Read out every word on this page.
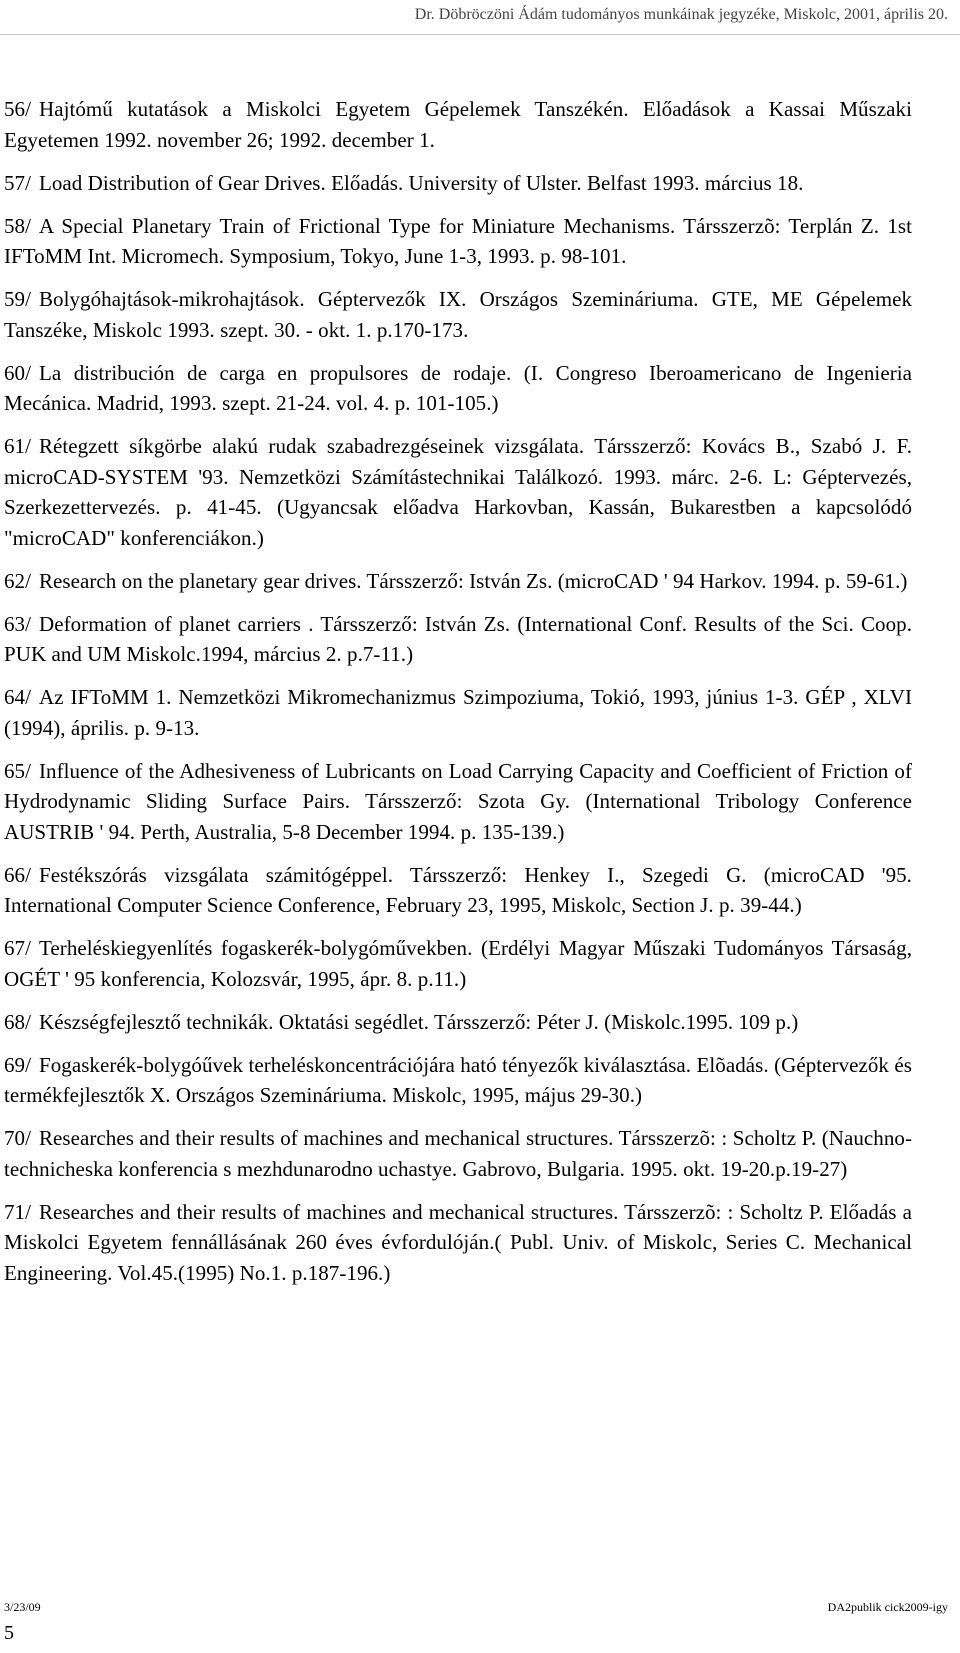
Dr. Döbröczöni Ádám tudományos munkáinak jegyzéke, Miskolc, 2001, április 20.

56/ Hajtómű kutatások a Miskolci Egyetem Gépelemek Tanszékén. Előadások a Kassai Műszaki Egyetemen 1992. november 26; 1992. december 1.

57/ Load Distribution of Gear Drives. Előadás. University of Ulster. Belfast 1993. március 18.

58/ A Special Planetary Train of Frictional Type for Miniature Mechanisms. Társszerzõ: Terplán Z. 1st IFToMM Int. Micromech. Symposium, Tokyo, June 1-3, 1993. p. 98-101.

59/ Bolygóhajtások-mikrohajtások. Géptervezők IX. Országos Szemináriuma. GTE, ME Gépelemek Tanszéke, Miskolc 1993. szept. 30. - okt. 1. p.170-173.

60/ La distribución de carga en propulsores de rodaje. (I. Congreso Iberoamericano de Ingenieria Mecánica. Madrid, 1993. szept. 21-24. vol. 4. p. 101-105.)

61/ Rétegzett síkgörbe alakú rudak szabadrezgéseinek vizsgálata. Társszerző: Kovács B., Szabó J. F. microCAD-SYSTEM '93. Nemzetközi Számítástechnikai Találkozó. 1993. márc. 2-6. L: Géptervezés, Szerkezettervezés. p. 41-45. (Ugyancsak előadva Harkovban, Kassán, Bukarestben a kapcsolódó "microCAD" konferenciákon.)

62/ Research on the planetary gear drives. Társszerző: István Zs. (microCAD ' 94 Harkov. 1994. p. 59-61.)

63/ Deformation of planet carriers . Társszerző: István Zs. (International Conf. Results of the Sci. Coop. PUK and UM Miskolc.1994, március 2. p.7-11.)

64/ Az IFToMM 1. Nemzetközi Mikromechanizmus Szimpoziuma, Tokió, 1993, június 1-3. GÉP , XLVI (1994), április. p. 9-13.

65/ Influence of the Adhesiveness of Lubricants on Load Carrying Capacity and Coefficient of Friction of Hydrodynamic Sliding Surface Pairs. Társszerző: Szota Gy. (International Tribology Conference AUSTRIB ' 94. Perth, Australia, 5-8 December 1994. p. 135-139.)

66/ Festékszórás vizsgálata számitógéppel. Társszerző: Henkey I., Szegedi G. (microCAD '95. International Computer Science Conference, February 23, 1995, Miskolc, Section J. p. 39-44.)

67/ Terheléskiegyenlítés fogaskerék-bolygóművekben. (Erdélyi Magyar Műszaki Tudományos Társaság, OGÉT ' 95 konferencia, Kolozsvár, 1995, ápr. 8. p.11.)

68/ Készségfejlesztő technikák. Oktatási segédlet. Társszerző: Péter J. (Miskolc.1995. 109 p.)

69/ Fogaskerék-bolygóűvek terheléskoncentrációjára ható tényezők kiválasztása. Elõadás. (Géptervezők és termékfejlesztők X. Országos Szemináriuma. Miskolc, 1995, május 29-30.)

70/ Researches and their results of machines and mechanical structures. Társszerzõ: : Scholtz P. (Nauchno-technicheska konferencia s mezhdunarodno uchastye. Gabrovo, Bulgaria. 1995. okt. 19-20.p.19-27)

71/ Researches and their results of machines and mechanical structures. Társszerzõ: : Scholtz P. Előadás a Miskolci Egyetem fennállásának 260 éves évfordulóján.( Publ. Univ. of Miskolc, Series C. Mechanical Engineering. Vol.45.(1995) No.1. p.187-196.)

3/23/09	DA2publik cick2009-igy
5
